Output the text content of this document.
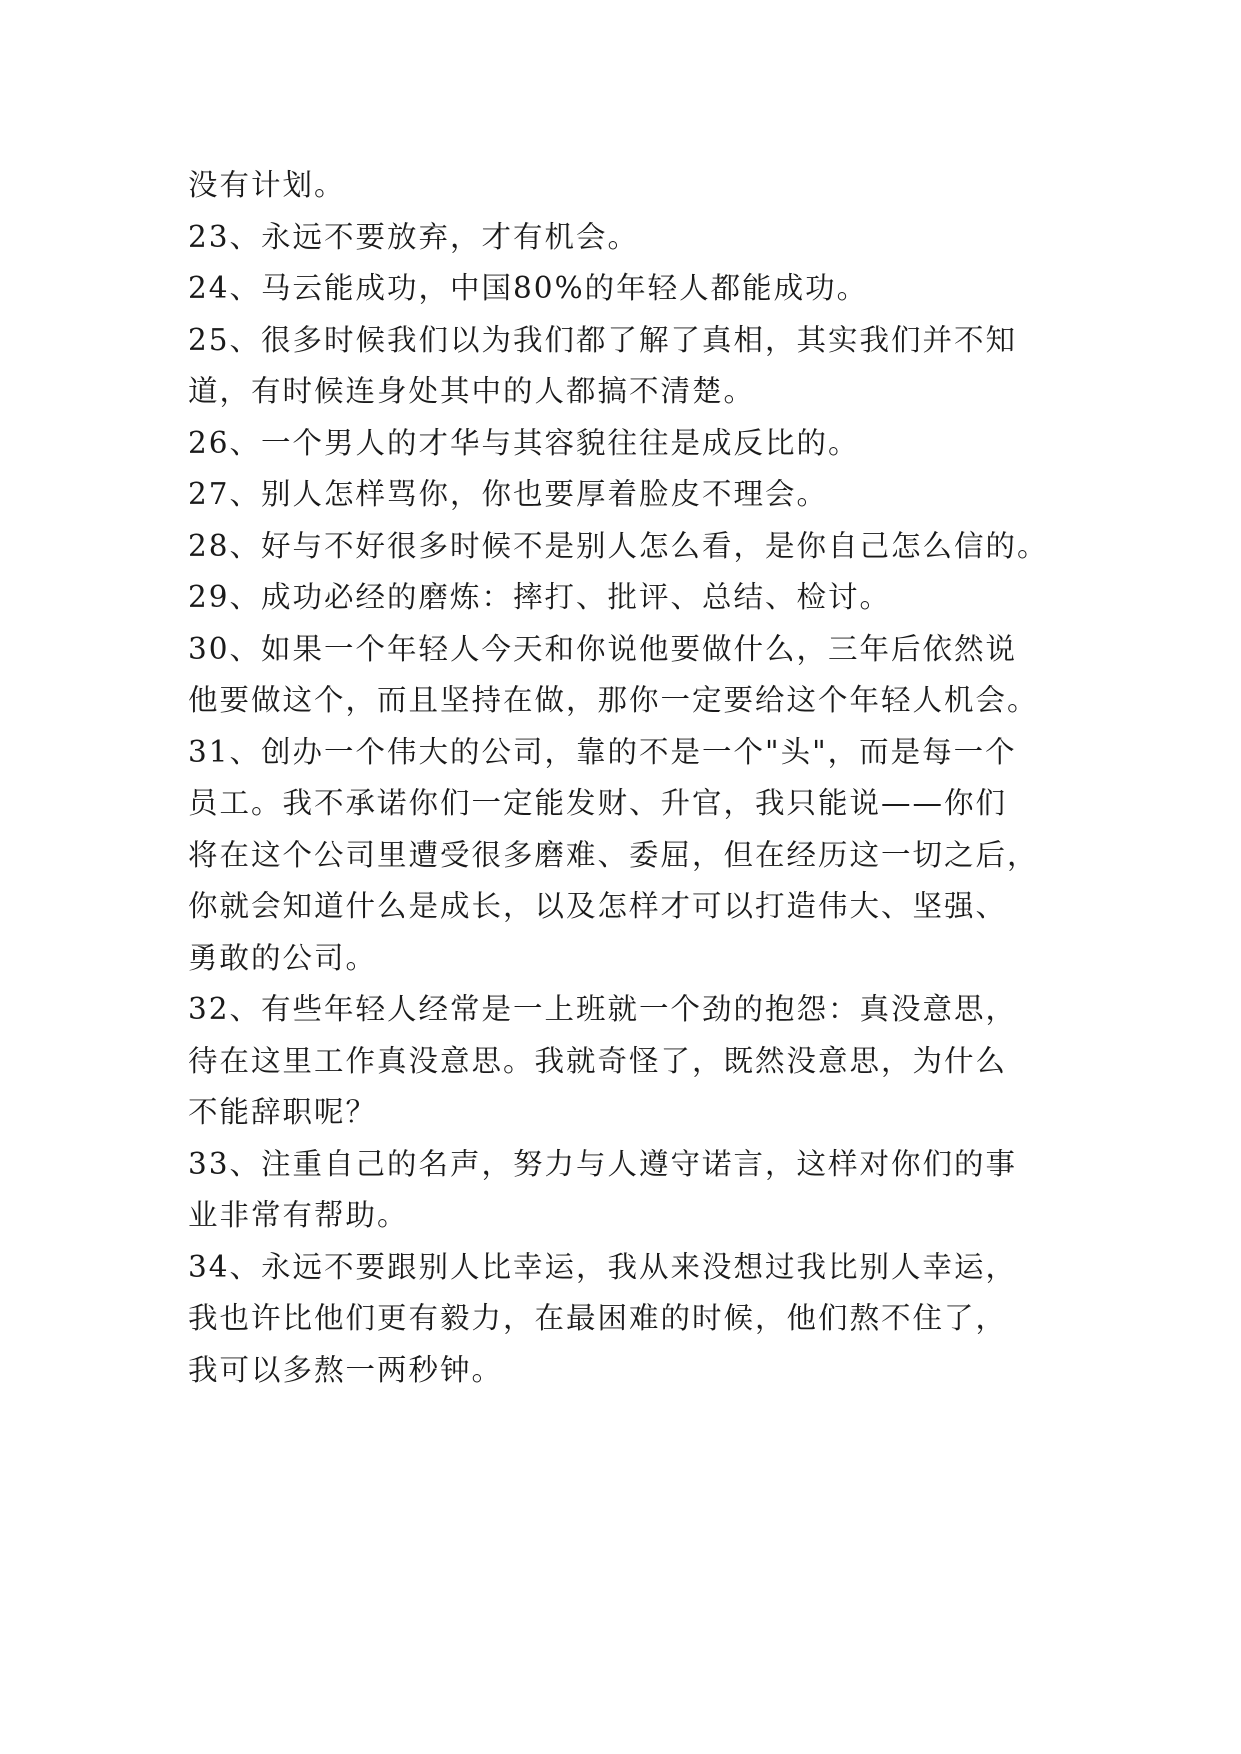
没有计划。
23、永远不要放弃，才有机会。
24、马云能成功，中国80%的年轻人都能成功。
25、很多时候我们以为我们都了解了真相，其实我们并不知
道，有时候连身处其中的人都搞不清楚。
26、一个男人的才华与其容貌往往是成反比的。
27、别人怎样骂你，你也要厚着脸皮不理会。
28、好与不好很多时候不是别人怎么看，是你自己怎么信的。
29、成功必经的磨炼：摔打、批评、总结、检讨。
30、如果一个年轻人今天和你说他要做什么，三年后依然说
他要做这个，而且坚持在做，那你一定要给这个年轻人机会。
31、创办一个伟大的公司，靠的不是一个"头"，而是每一个
员工。我不承诺你们一定能发财、升官，我只能说——你们
将在这个公司里遭受很多磨难、委屈，但在经历这一切之后，
你就会知道什么是成长，以及怎样才可以打造伟大、坚强、
勇敢的公司。
32、有些年轻人经常是一上班就一个劲的抱怨：真没意思，
待在这里工作真没意思。我就奇怪了，既然没意思，为什么
不能辞职呢？
33、注重自己的名声，努力与人遵守诺言，这样对你们的事
业非常有帮助。
34、永远不要跟别人比幸运，我从来没想过我比别人幸运，
我也许比他们更有毅力，在最困难的时候，他们熬不住了，
我可以多熬一两秒钟。
